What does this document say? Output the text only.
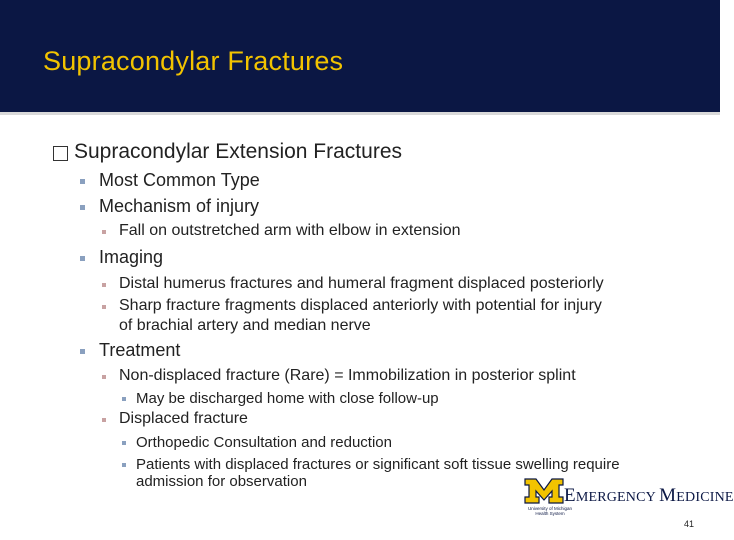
Supracondylar Fractures
Supracondylar Extension Fractures
Most Common Type
Mechanism of injury
Fall on outstretched arm with elbow in extension
Imaging
Distal humerus fractures and humeral fragment displaced posteriorly
Sharp fracture fragments displaced anteriorly with potential for injury
of brachial artery and median nerve
Treatment
Non-displaced fracture (Rare) = Immobilization in posterior splint
May be discharged home with close follow-up
Displaced fracture
Orthopedic Consultation and reduction
Patients with displaced fractures or significant soft tissue swelling require
admission for observation
EMERGENCY MEDICINE
University of Michigan
Health System
41
